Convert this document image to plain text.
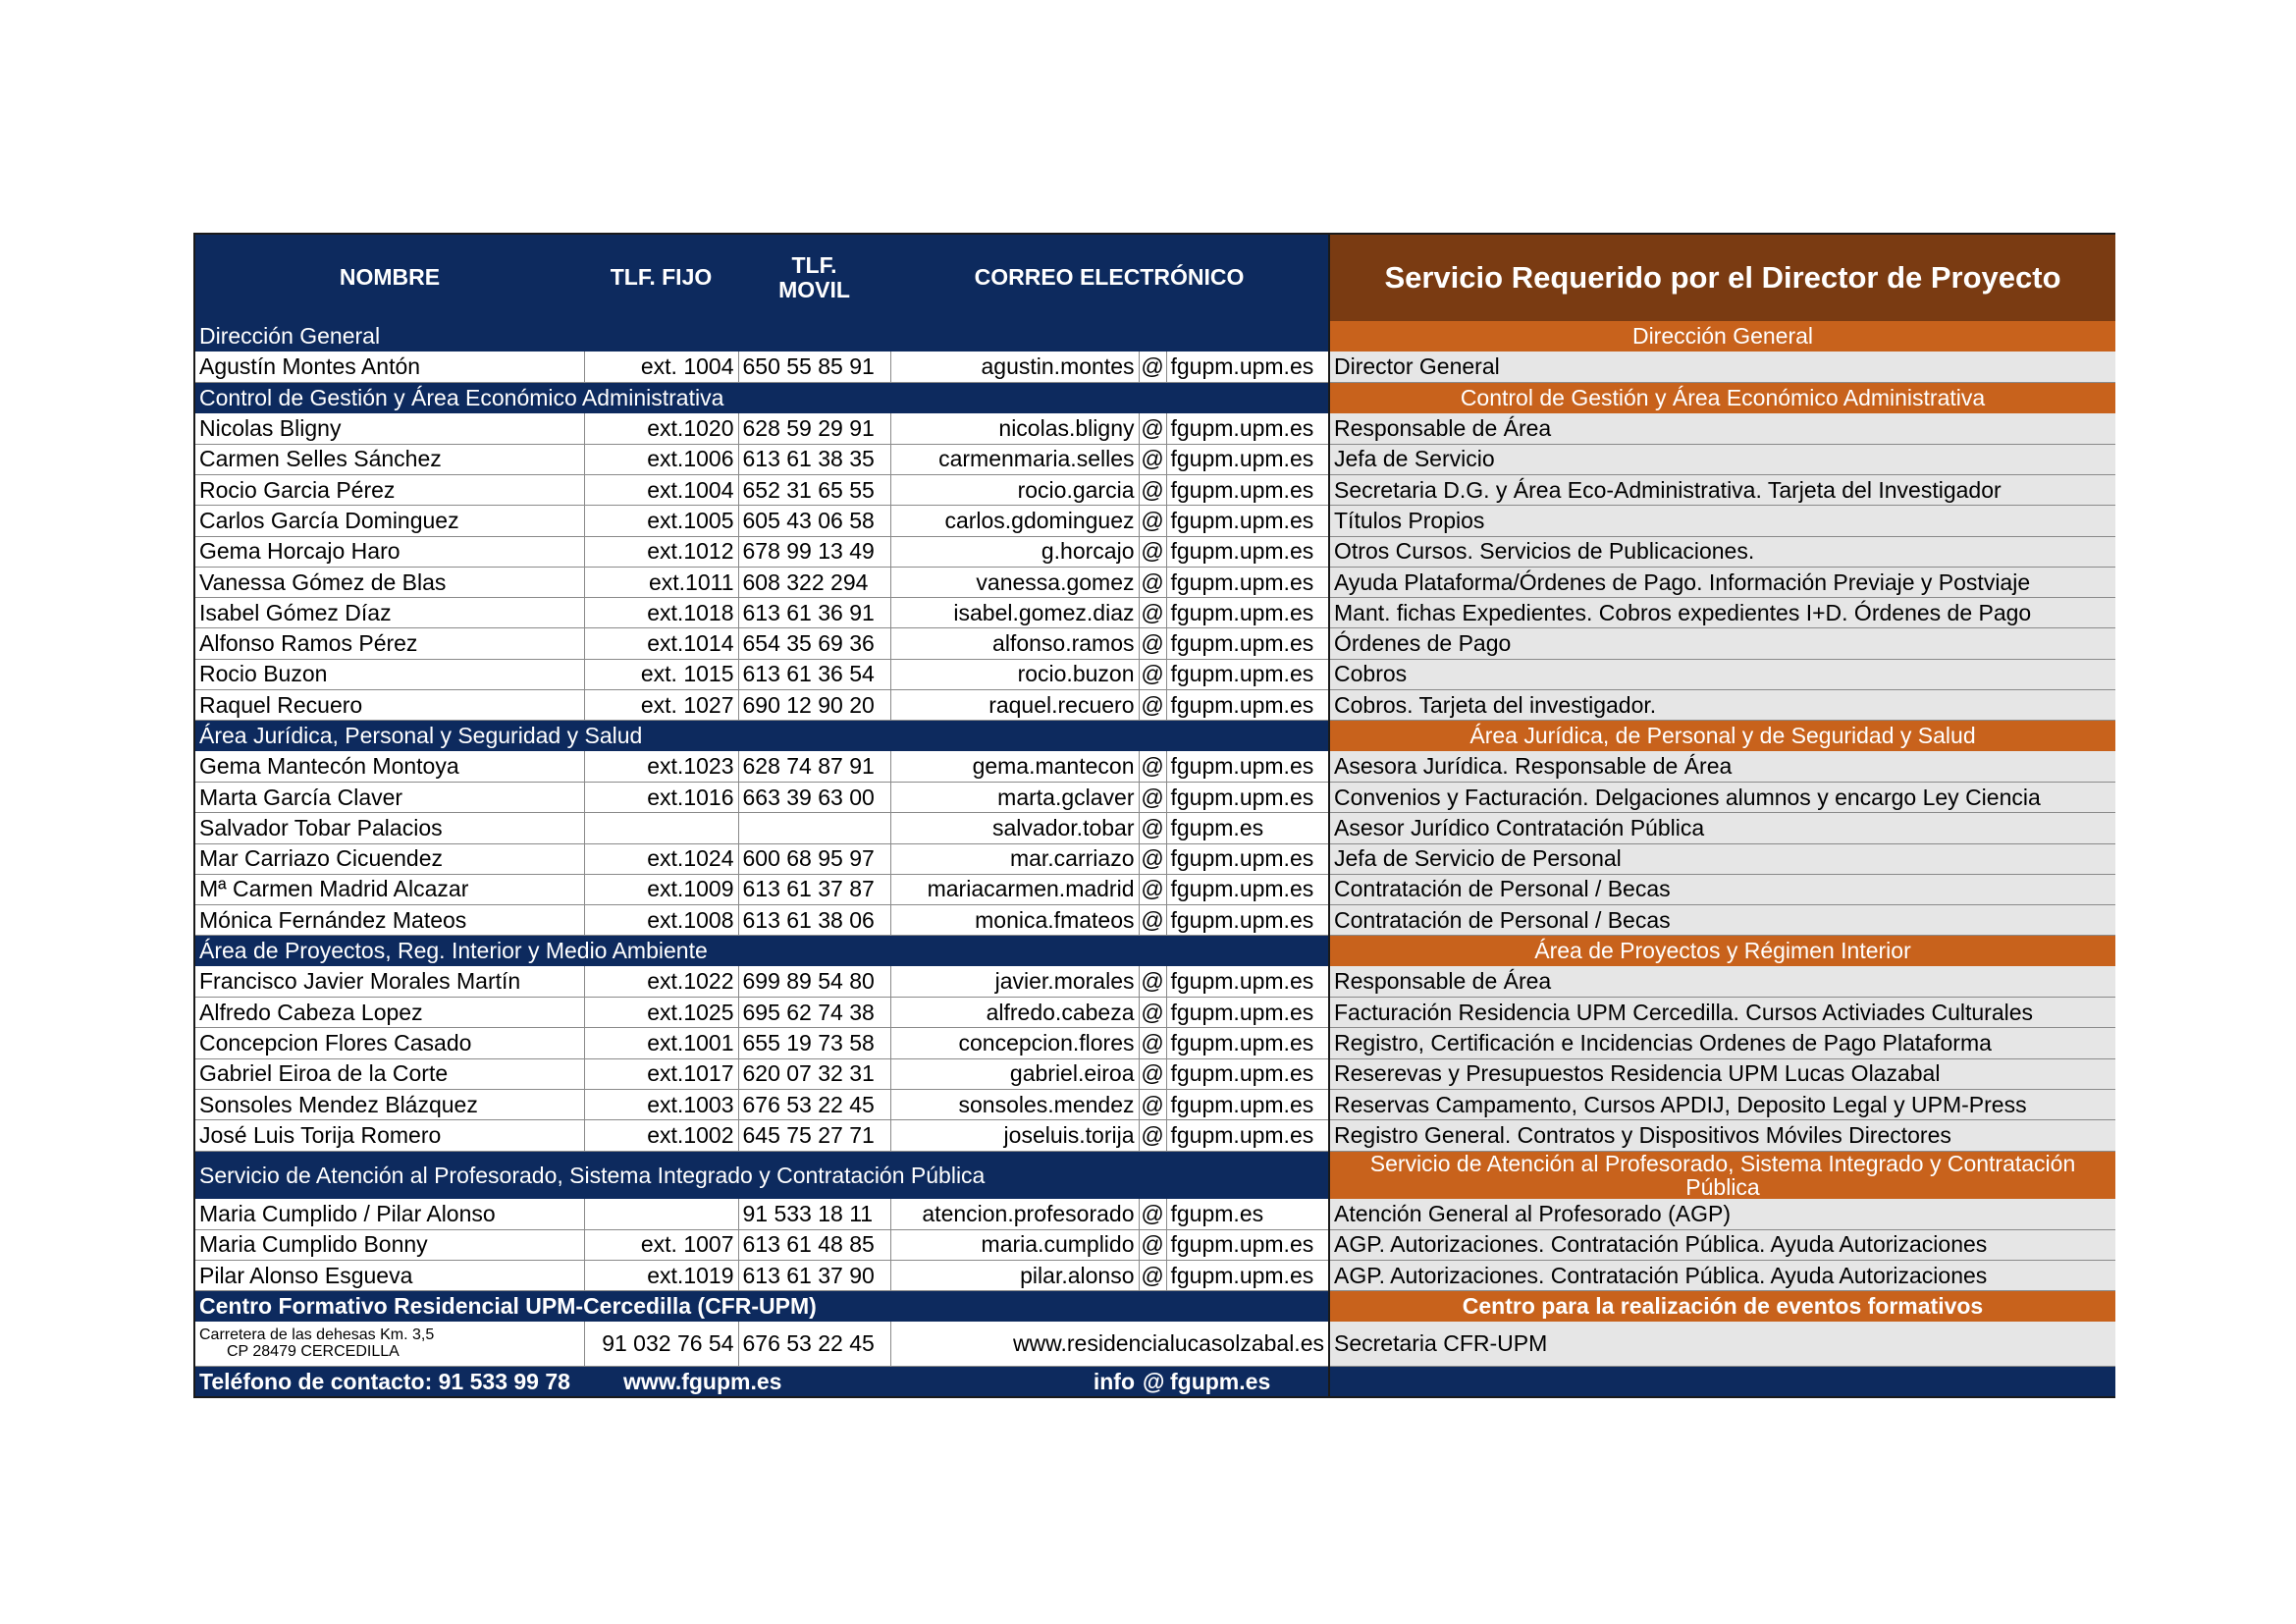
NOMBRE	TLF. FIJO	TLF. MOVIL	CORREO ELECTRÓNICO			Servicio Requerido por el Director de Proyecto
Dirección General						Dirección General
Agustín Montes Antón	ext. 1004	650 55 85 91	agustin.montes	@	fgupm.upm.es	Director General
Control de Gestión y Área Económico Administrativa						Control de Gestión y Área Económico Administrativa
Nicolas Bligny	ext.1020	628 59 29 91	nicolas.bligny	@	fgupm.upm.es	Responsable de Área
Carmen Selles Sánchez	ext.1006	613 61 38 35	carmenmaria.selles	@	fgupm.upm.es	Jefa de Servicio
Rocio Garcia Pérez	ext.1004	652 31 65 55	rocio.garcia	@	fgupm.upm.es	Secretaria D.G. y Área Eco-Administrativa. Tarjeta del Investigador
Carlos García Dominguez	ext.1005	605 43 06 58	carlos.gdominguez	@	fgupm.upm.es	Títulos Propios
Gema Horcajo Haro	ext.1012	678 99 13 49	g.horcajo	@	fgupm.upm.es	Otros Cursos. Servicios de Publicaciones.
Vanessa Gómez de Blas	ext.1011	608 322 294	vanessa.gomez	@	fgupm.upm.es	Ayuda Plataforma/Órdenes de Pago. Información Previaje y Postviaje
Isabel Gómez Díaz	ext.1018	613 61 36 91	isabel.gomez.diaz	@	fgupm.upm.es	Mant. fichas Expedientes. Cobros expedientes I+D. Órdenes de Pago
Alfonso Ramos Pérez	ext.1014	654 35 69 36	alfonso.ramos	@	fgupm.upm.es	Órdenes de Pago
Rocio Buzon	ext. 1015	613 61 36 54	rocio.buzon	@	fgupm.upm.es	Cobros
Raquel Recuero	ext. 1027	690 12 90 20	raquel.recuero	@	fgupm.upm.es	Cobros. Tarjeta del investigador.
Área Jurídica, Personal y Seguridad y Salud						Área Jurídica, de Personal y de Seguridad y Salud
Gema Mantecón Montoya	ext.1023	628 74 87 91	gema.mantecon	@	fgupm.upm.es	Asesora Jurídica. Responsable de Área
Marta García Claver	ext.1016	663 39 63 00	marta.gclaver	@	fgupm.upm.es	Convenios y Facturación. Delgaciones alumnos y encargo Ley Ciencia
Salvador Tobar Palacios			salvador.tobar	@	fgupm.es	Asesor Jurídico Contratación Pública
Mar Carriazo Cicuendez	ext.1024	600 68 95 97	mar.carriazo	@	fgupm.upm.es	Jefa de Servicio de Personal
Mª Carmen Madrid Alcazar	ext.1009	613 61 37 87	mariacarmen.madrid	@	fgupm.upm.es	Contratación de Personal / Becas
Mónica Fernández Mateos	ext.1008	613 61 38 06	monica.fmateos	@	fgupm.upm.es	Contratación de Personal / Becas
Área de Proyectos, Reg. Interior y Medio Ambiente						Área de Proyectos y Régimen Interior
Francisco Javier Morales Martín	ext.1022	699 89 54 80	javier.morales	@	fgupm.upm.es	Responsable de Área
Alfredo Cabeza Lopez	ext.1025	695 62 74 38	alfredo.cabeza	@	fgupm.upm.es	Facturación Residencia UPM Cercedilla. Cursos Activiades Culturales
Concepcion Flores Casado	ext.1001	655 19 73 58	concepcion.flores	@	fgupm.upm.es	Registro, Certificación e Incidencias Ordenes de Pago Plataforma
Gabriel Eiroa de la Corte	ext.1017	620 07 32 31	gabriel.eiroa	@	fgupm.upm.es	Reserevas y Presupuestos Residencia UPM Lucas Olazabal
Sonsoles Mendez Blázquez	ext.1003	676 53 22 45	sonsoles.mendez	@	fgupm.upm.es	Reservas Campamento, Cursos APDIJ, Deposito Legal y UPM-Press
José Luis Torija Romero	ext.1002	645 75 27 71	joseluis.torija	@	fgupm.upm.es	Registro General. Contratos y Dispositivos Móviles Directores
Servicio de Atención al Profesorado, Sistema Integrado y Contratación Pública						Servicio de Atención al Profesorado, Sistema Integrado y Contratación Pública
Maria Cumplido / Pilar Alonso		91 533 18 11	atencion.profesorado	@	fgupm.es	Atención General al Profesorado (AGP)
Maria Cumplido Bonny	ext. 1007	613 61 48 85	maria.cumplido	@	fgupm.upm.es	AGP. Autorizaciones. Contratación Pública. Ayuda Autorizaciones
Pilar Alonso Esgueva	ext.1019	613 61 37 90	pilar.alonso	@	fgupm.upm.es	AGP. Autorizaciones. Contratación Pública. Ayuda Autorizaciones
Centro Formativo Residencial UPM-Cercedilla (CFR-UPM)						Centro para la realización de eventos formativos

Carretera de las dehesas Km. 3,5
CP 28479 CERCEDILLA	91 032 76 54	676 53 22 45	www.residencialucasolzabal.es			Secretaria CFR-UPM
Teléfono de contacto: 91 533 99 78	www.fgupm.es		info	@	fgupm.es	
